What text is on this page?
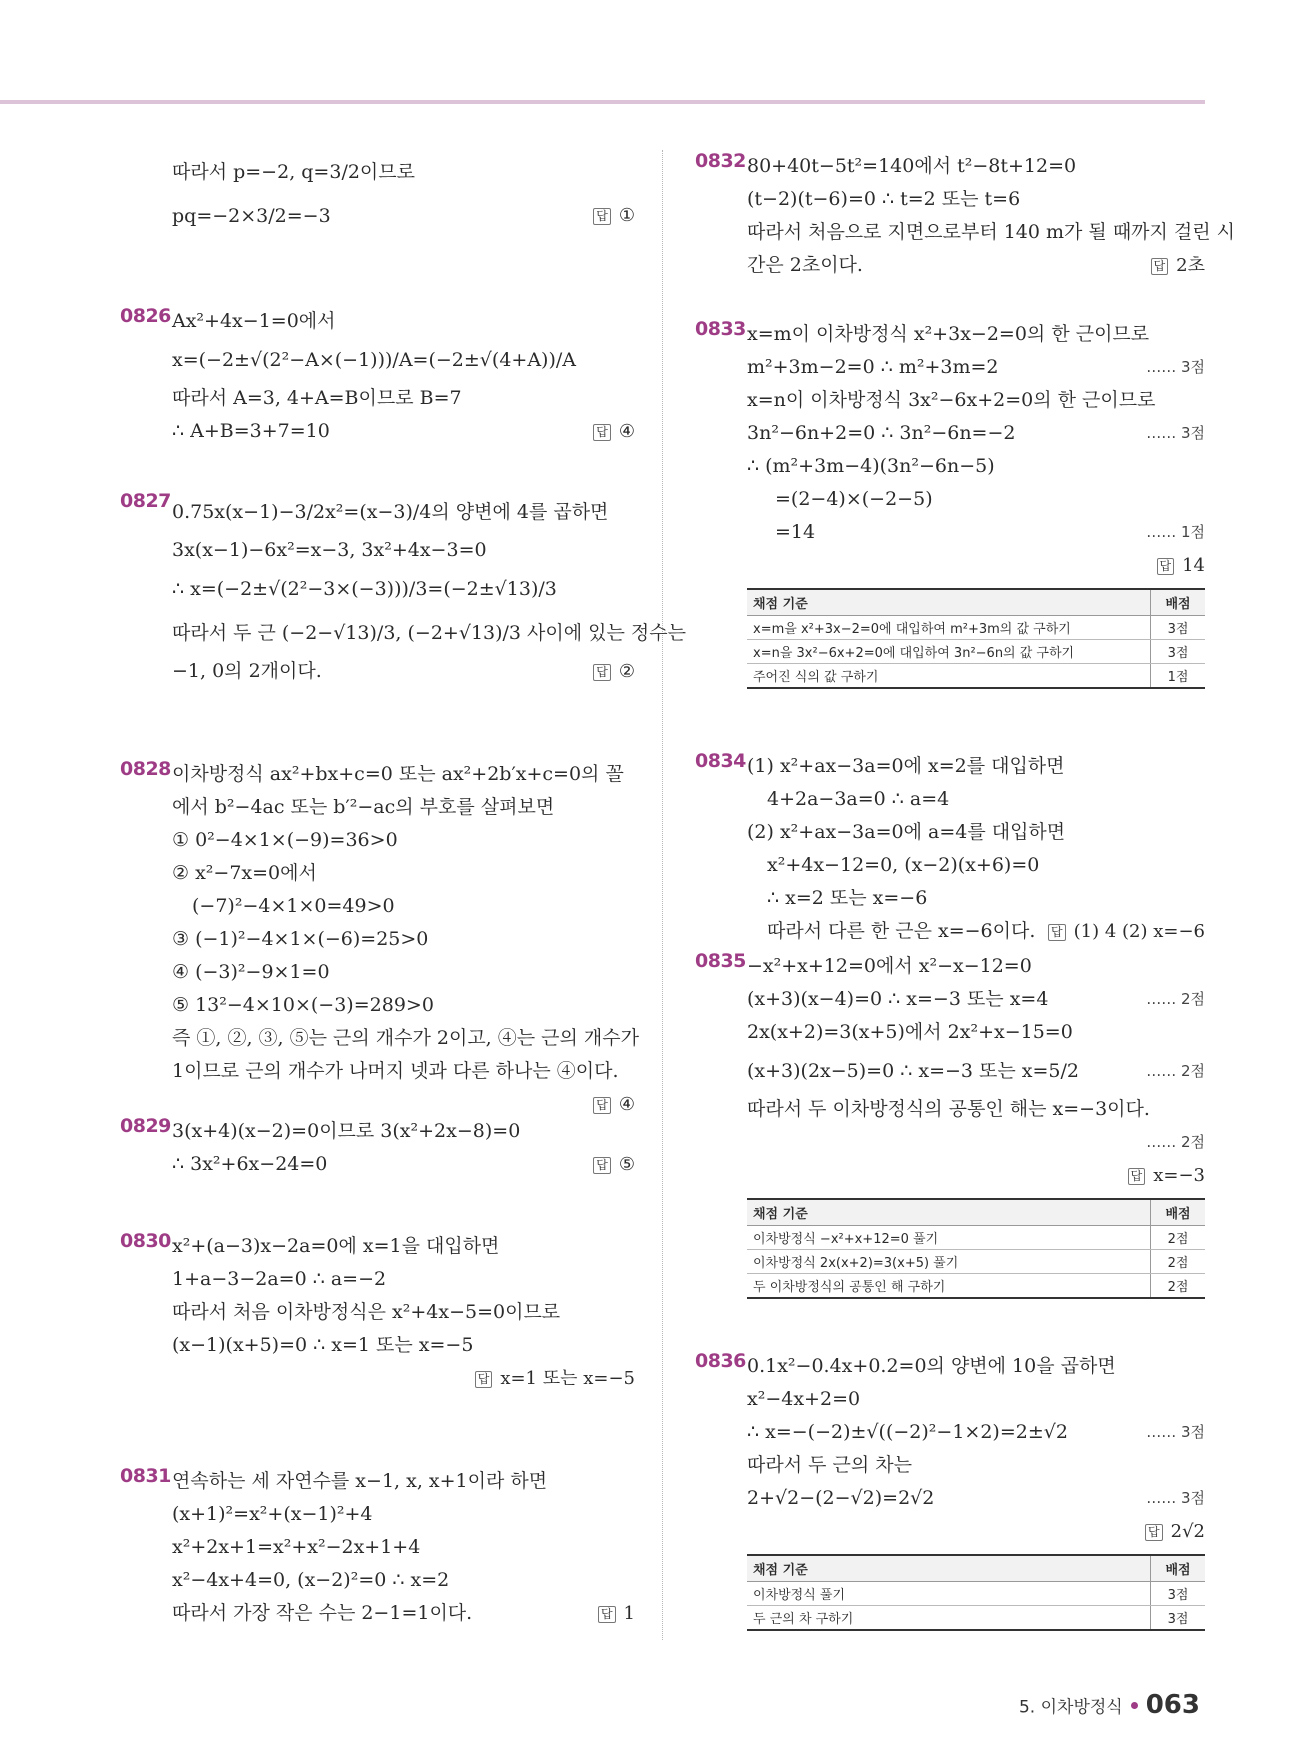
따라서 p=−2, q=3/2이므로
pq=−2×3/2=−3	답 ①
0826 Ax²+4x−1=0에서
x=(−2±√(2²−A×(−1)))/A=(−2±√(4+A))/A
따라서 A=3, 4+A=B이므로 B=7
∴ A+B=3+7=10	답 ④
0827 0.75x(x−1)−3/2x²=(x−3)/4의 양변에 4를 곱하면
3x(x−1)−6x²=x−3, 3x²+4x−3=0
∴ x=(−2±√(2²−3×(−3)))/3=(−2±√13)/3
따라서 두 근 (−2−√13)/3, (−2+√13)/3 사이에 있는 정수는
−1, 0의 2개이다.	답 ②
0828 이차방정식 ax²+bx+c=0 또는 ax²+2b′x+c=0의 꼴
에서 b²−4ac 또는 b′²−ac의 부호를 살펴보면
① 0²−4×1×(−9)=36>0
② x²−7x=0에서
(−7)²−4×1×0=49>0
③ (−1)²−4×1×(−6)=25>0
④ (−3)²−9×1=0
⑤ 13²−4×10×(−3)=289>0
즉 ①, ②, ③, ⑤는 근의 개수가 2이고, ④는 근의 개수가
1이므로 근의 개수가 나머지 넷과 다른 하나는 ④이다.
답 ④
0829 3(x+4)(x−2)=0이므로 3(x²+2x−8)=0
∴ 3x²+6x−24=0	답 ⑤
0830 x²+(a−3)x−2a=0에 x=1을 대입하면
1+a−3−2a=0 ∴ a=−2
따라서 처음 이차방정식은 x²+4x−5=0이므로
(x−1)(x+5)=0 ∴ x=1 또는 x=−5
답 x=1 또는 x=−5
0831 연속하는 세 자연수를 x−1, x, x+1이라 하면
(x+1)²=x²+(x−1)²+4
x²+2x+1=x²+x²−2x+1+4
x²−4x+4=0, (x−2)²=0 ∴ x=2
따라서 가장 작은 수는 2−1=1이다.	답 1
0832 80+40t−5t²=140에서 t²−8t+12=0
(t−2)(t−6)=0 ∴ t=2 또는 t=6
따라서 처음으로 지면으로부터 140 m가 될 때까지 걸린 시
간은 2초이다.	답 2초
0833 x=m이 이차방정식 x²+3x−2=0의 한 근이므로
m²+3m−2=0 ∴ m²+3m=2	…… 3점
x=n이 이차방정식 3x²−6x+2=0의 한 근이므로
3n²−6n+2=0 ∴ 3n²−6n=−2	…… 3점
∴ (m²+3m−4)(3n²−6n−5)
=(2−4)×(−2−5)
=14	…… 1점
답 14
채점 기준	배점
x=m을 x²+3x−2=0에 대입하여 m²+3m의 값 구하기	3점
x=n을 3x²−6x+2=0에 대입하여 3n²−6n의 값 구하기	3점
주어진 식의 값 구하기	1점
0834 (1) x²+ax−3a=0에 x=2를 대입하면
4+2a−3a=0 ∴ a=4
(2) x²+ax−3a=0에 a=4를 대입하면
x²+4x−12=0, (x−2)(x+6)=0
∴ x=2 또는 x=−6
따라서 다른 한 근은 x=−6이다. 답 (1) 4 (2) x=−6
0835 −x²+x+12=0에서 x²−x−12=0
(x+3)(x−4)=0 ∴ x=−3 또는 x=4	…… 2점
2x(x+2)=3(x+5)에서 2x²+x−15=0
(x+3)(2x−5)=0 ∴ x=−3 또는 x=5/2	…… 2점
따라서 두 이차방정식의 공통인 해는 x=−3이다.
…… 2점
답 x=−3
채점 기준	배점
이차방정식 −x²+x+12=0 풀기	2점
이차방정식 2x(x+2)=3(x+5) 풀기	2점
두 이차방정식의 공통인 해 구하기	2점
0836 0.1x²−0.4x+0.2=0의 양변에 10을 곱하면
x²−4x+2=0
∴ x=−(−2)±√((−2)²−1×2)=2±√2	…… 3점
따라서 두 근의 차는
2+√2−(2−√2)=2√2	…… 3점
답 2√2
채점 기준	배점
이차방정식 풀기	3점
두 근의 차 구하기	3점
5. 이차방정식 063
